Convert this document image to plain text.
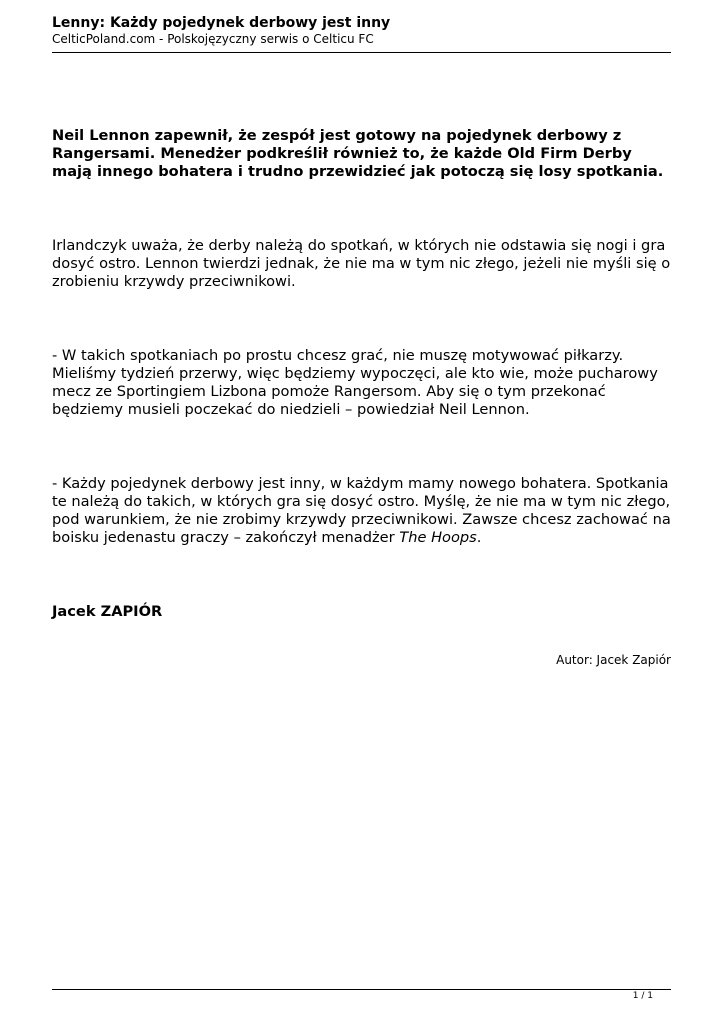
Lenny: Każdy pojedynek derbowy jest inny
CelticPoland.com - Polskojęzyczny serwis o Celticu FC

Neil Lennon zapewnił, że zespół jest gotowy na pojedynek derbowy z Rangersami. Menedżer podkreślił również to, że każde Old Firm Derby mają innego bohatera i trudno przewidzieć jak potoczą się losy spotkania.

Irlandczyk uważa, że derby należą do spotkań, w których nie odstawia się nogi i gra dosyć ostro. Lennon twierdzi jednak, że nie ma w tym nic złego, jeżeli nie myśli się o zrobieniu krzywdy przeciwnikowi.

- W takich spotkaniach po prostu chcesz grać, nie muszę motywować piłkarzy. Mieliśmy tydzień przerwy, więc będziemy wypoczęci, ale kto wie, może pucharowy mecz ze Sportingiem Lizbona pomoże Rangersom. Aby się o tym przekonać będziemy musieli poczekać do niedzieli – powiedział Neil Lennon.

- Każdy pojedynek derbowy jest inny, w każdym mamy nowego bohatera. Spotkania te należą do takich, w których gra się dosyć ostro. Myślę, że nie ma w tym nic złego, pod warunkiem, że nie zrobimy krzywdy przeciwnikowi. Zawsze chcesz zachować na boisku jedenastu graczy – zakończył menadżer The Hoops.

Jacek ZAPIÓR

Autor: Jacek Zapiór
1 / 1
